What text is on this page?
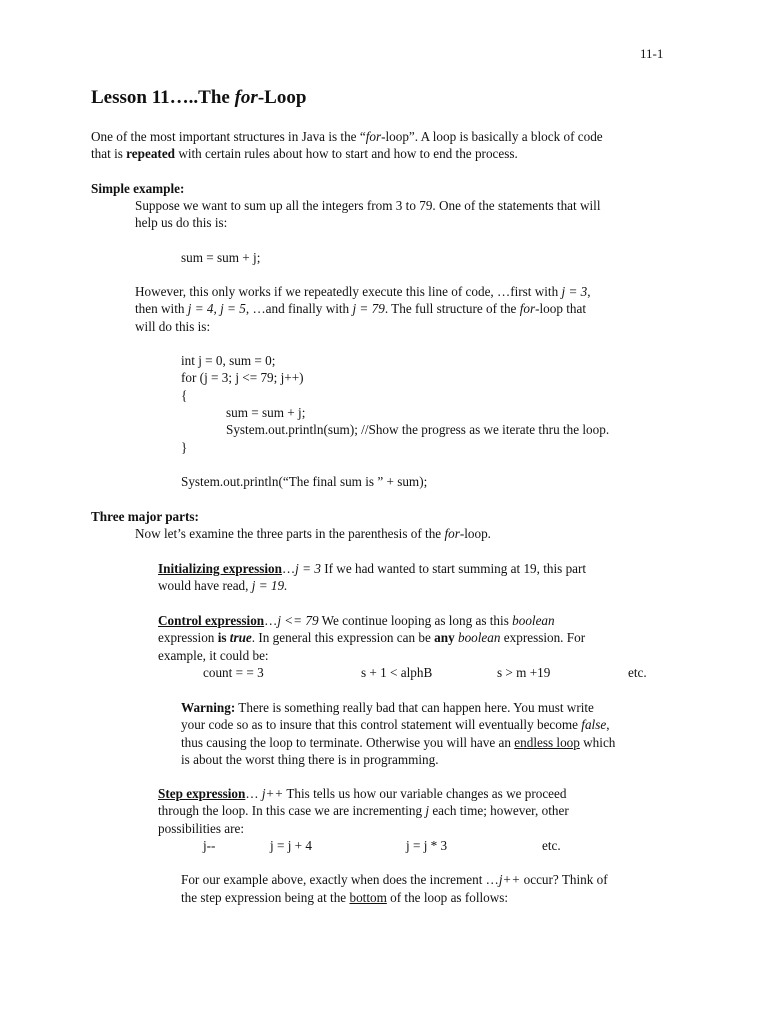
11-1
Lesson 11…..The for-Loop
One of the most important structures in Java is the “for-loop”. A loop is basically a block of code
that is repeated with certain rules about how to start and how to end the process.
Simple example:
Suppose we want to sum up all the integers from 3 to 79. One of the statements that will
help us do this is:
sum = sum + j;
However, this only works if we repeatedly execute this line of code, …first with j = 3,
then with j = 4, j = 5, …and finally with j = 79. The full structure of the for-loop that
will do this is:
int j = 0, sum = 0;
for (j = 3; j <= 79; j++)
{
sum = sum + j;
System.out.println(sum); //Show the progress as we iterate thru the loop.
}
System.out.println(“The final sum is ” + sum);
Three major parts:
Now let’s examine the three parts in the parenthesis of the for-loop.
Initializing expression…j = 3 If we had wanted to start summing at 19, this part
would have read, j = 19.
Control expression…j <= 79 We continue looping as long as this boolean
expression is true. In general this expression can be any boolean expression. For
example, it could be:
count = = 3	s + 1 < alphB	s > m +19	etc.
Warning: There is something really bad that can happen here. You must write
your code so as to insure that this control statement will eventually become false,
thus causing the loop to terminate. Otherwise you will have an endless loop which
is about the worst thing there is in programming.
Step expression… j++ This tells us how our variable changes as we proceed
through the loop. In this case we are incrementing j each time; however, other
possibilities are:
j--	j = j + 4	j = j * 3	etc.
For our example above, exactly when does the increment …j++ occur? Think of
the step expression being at the bottom of the loop as follows:
